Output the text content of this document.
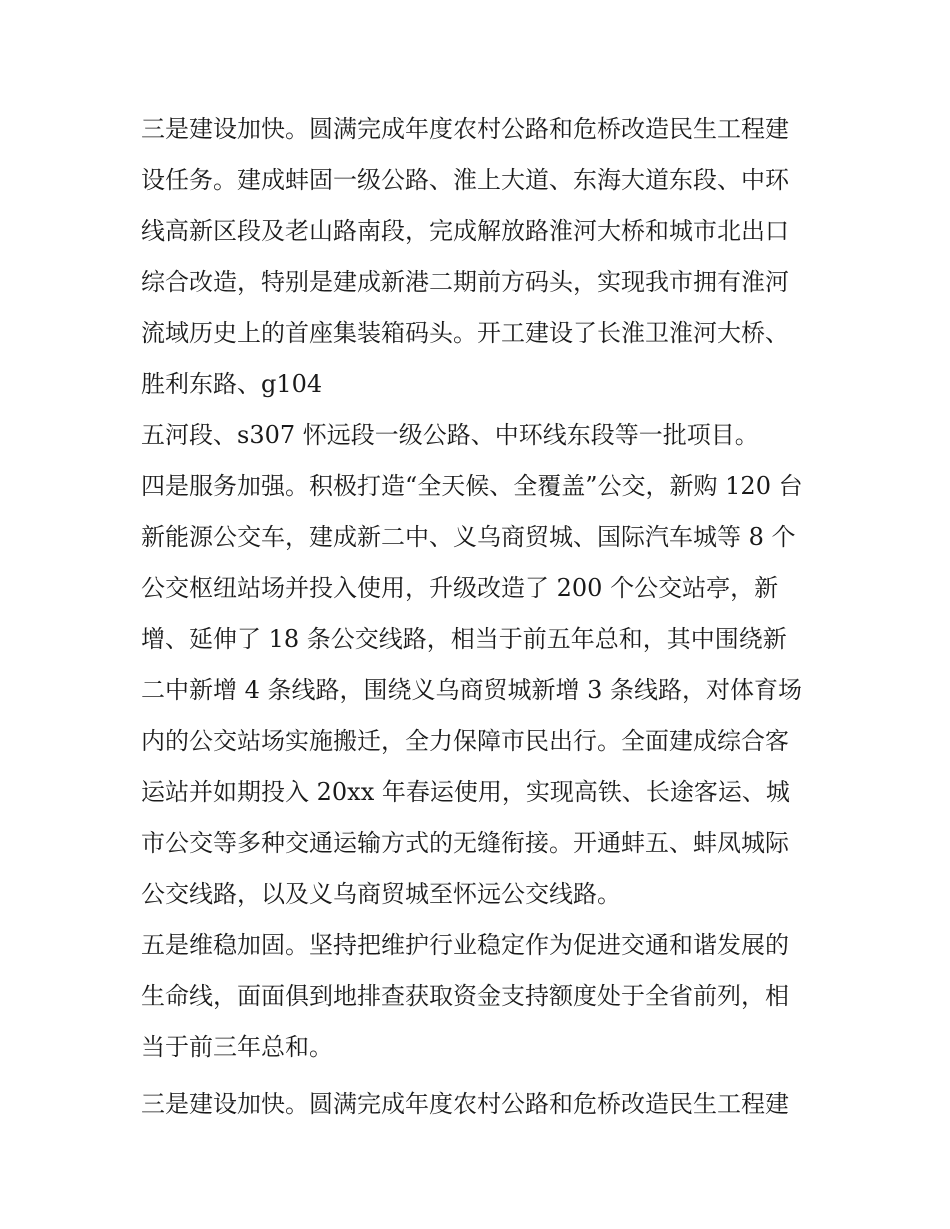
三是建设加快。圆满完成年度农村公路和危桥改造民生工程建

设任务。建成蚌固一级公路、淮上大道、东海大道东段、中环

线高新区段及老山路南段，完成解放路淮河大桥和城市北出口

综合改造，特别是建成新港二期前方码头，实现我市拥有淮河

流域历史上的首座集装箱码头。开工建设了长淮卫淮河大桥、

胜利东路、g104

五河段、s307 怀远段一级公路、中环线东段等一批项目。

四是服务加强。积极打造“全天候、全覆盖”公交，新购 120 台

新能源公交车，建成新二中、义乌商贸城、国际汽车城等 8 个

公交枢纽站场并投入使用，升级改造了 200 个公交站亭，新

增、延伸了 18 条公交线路，相当于前五年总和，其中围绕新

二中新增 4 条线路，围绕义乌商贸城新增 3 条线路，对体育场

内的公交站场实施搬迁，全力保障市民出行。全面建成综合客

运站并如期投入 20xx 年春运使用，实现高铁、长途客运、城

市公交等多种交通运输方式的无缝衔接。开通蚌五、蚌凤城际

公交线路，以及义乌商贸城至怀远公交线路。

五是维稳加固。坚持把维护行业稳定作为促进交通和谐发展的

生命线，面面俱到地排查获取资金支持额度处于全省前列，相

当于前三年总和。

三是建设加快。圆满完成年度农村公路和危桥改造民生工程建
